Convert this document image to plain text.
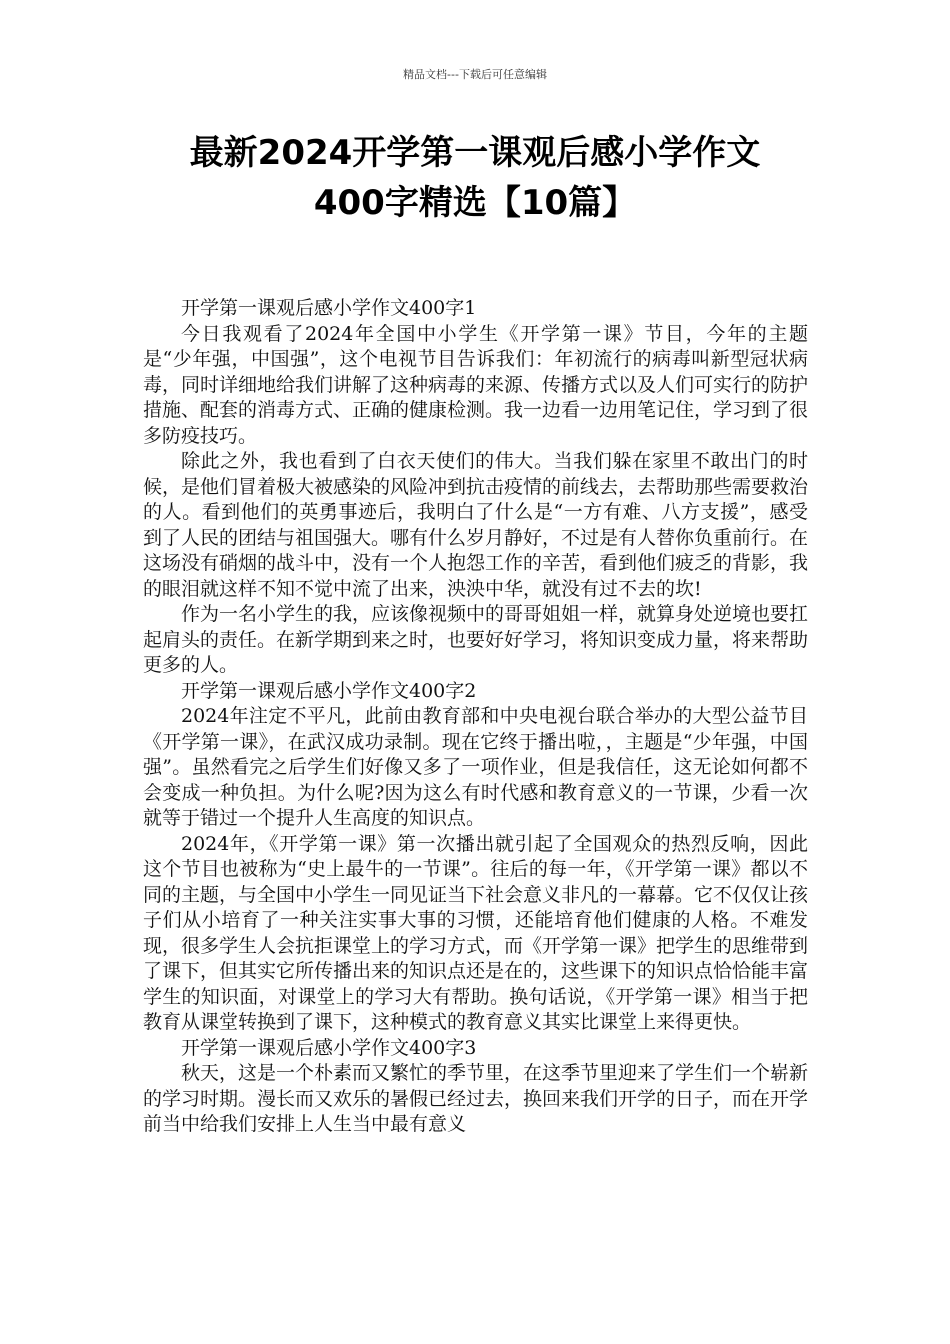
精品文档---下载后可任意编辑
最新2024开学第一课观后感小学作文
400字精选【10篇】

开学第一课观后感小学作文400字1

今日我观看了2024年全国中小学生《开学第一课》节目，今年的主题是“少年强，中国强”，这个电视节目告诉我们：年初流行的病毒叫新型冠状病毒，同时详细地给我们讲解了这种病毒的来源、传播方式以及人们可实行的防护措施、配套的消毒方式、正确的健康检测。我一边看一边用笔记住，学习到了很多防疫技巧。

除此之外，我也看到了白衣天使们的伟大。当我们躲在家里不敢出门的时候，是他们冒着极大被感染的风险冲到抗击疫情的前线去，去帮助那些需要救治的人。看到他们的英勇事迹后，我明白了什么是“一方有难、八方支援”，感受到了人民的团结与祖国强大。哪有什么岁月静好，不过是有人替你负重前行。在这场没有硝烟的战斗中，没有一个人抱怨工作的辛苦，看到他们疲乏的背影，我的眼泪就这样不知不觉中流了出来，泱泱中华，就没有过不去的坎!

作为一名小学生的我，应该像视频中的哥哥姐姐一样，就算身处逆境也要扛起肩头的责任。在新学期到来之时，也要好好学习，将知识变成力量，将来帮助更多的人。

开学第一课观后感小学作文400字2

2024年注定不平凡，此前由教育部和中央电视台联合举办的大型公益节目《开学第一课》，在武汉成功录制。现在它终于播出啦，，主题是“少年强，中国强”。虽然看完之后学生们好像又多了一项作业，但是我信任，这无论如何都不会变成一种负担。为什么呢?因为这么有时代感和教育意义的一节课，少看一次就等于错过一个提升人生高度的知识点。

2024年，《开学第一课》第一次播出就引起了全国观众的热烈反响，因此这个节目也被称为“史上最牛的一节课”。往后的每一年，《开学第一课》都以不同的主题，与全国中小学生一同见证当下社会意义非凡的一幕幕。它不仅仅让孩子们从小培育了一种关注实事大事的习惯，还能培育他们健康的人格。不难发现，很多学生人会抗拒课堂上的学习方式，而《开学第一课》把学生的思维带到了课下，但其实它所传播出来的知识点还是在的，这些课下的知识点恰恰能丰富学生的知识面，对课堂上的学习大有帮助。换句话说，《开学第一课》相当于把教育从课堂转换到了课下，这种模式的教育意义其实比课堂上来得更快。

开学第一课观后感小学作文400字3

秋天，这是一个朴素而又繁忙的季节里，在这季节里迎来了学生们一个崭新的学习时期。漫长而又欢乐的暑假已经过去，换回来我们开学的日子，而在开学前当中给我们安排上人生当中最有意义
